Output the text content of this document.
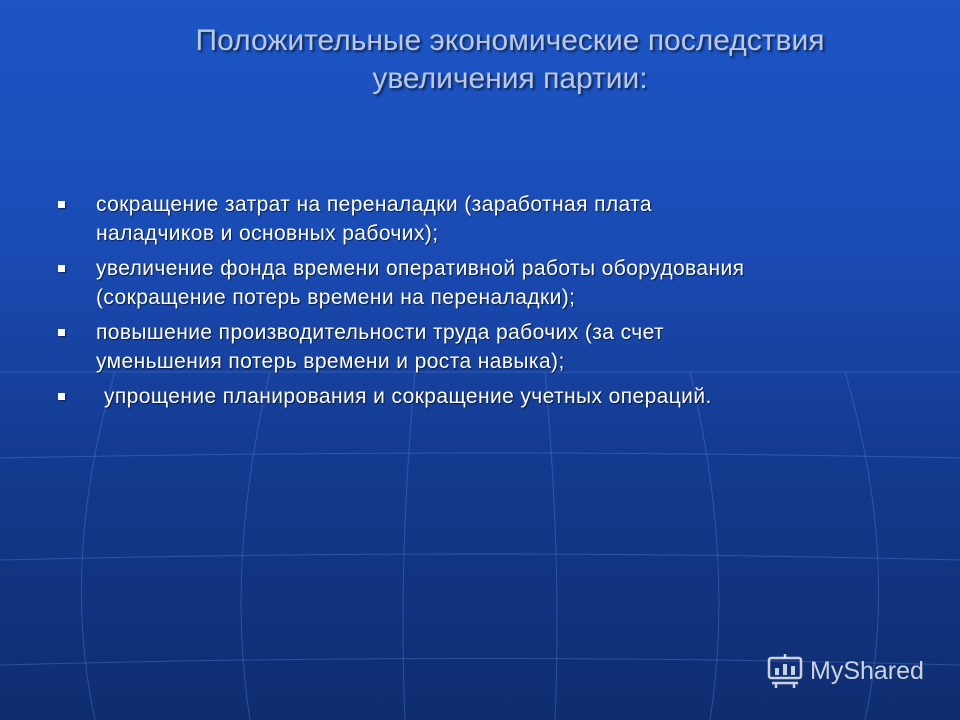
Положительные экономические последствия
увеличения партии:
сокращение затрат на переналадки (заработная плата
наладчиков и основных рабочих);
увеличение фонда времени оперативной работы оборудования
(сокращение потерь времени на переналадки);
повышение производительности труда рабочих (за счет
уменьшения потерь времени и роста навыка);
упрощение планирования и сокращение учетных операций.
MyShared
